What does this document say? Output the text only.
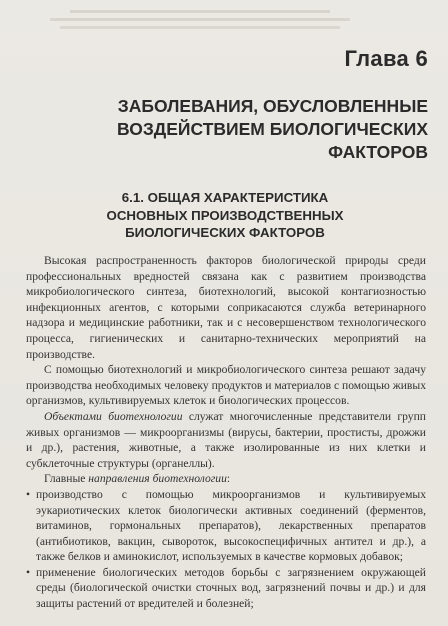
Глава 6
ЗАБОЛЕВАНИЯ, ОБУСЛОВЛЕННЫЕ
ВОЗДЕЙСТВИЕМ БИОЛОГИЧЕСКИХ
ФАКТОРОВ
6.1. ОБЩАЯ ХАРАКТЕРИСТИКА
ОСНОВНЫХ ПРОИЗВОДСТВЕННЫХ
БИОЛОГИЧЕСКИХ ФАКТОРОВ

Высокая распространенность факторов биологической природы среди профессиональных вредностей связана как с развитием производства микробиологического синтеза, биотехнологий, высокой контагиозностью инфекционных агентов, с которыми соприкасаются служба ветеринарного надзора и медицинские работники, так и с несовершенством технологического процесса, гигиенических и санитарно-технических мероприятий на производстве.

С помощью биотехнологий и микробиологического синтеза решают задачу производства необходимых человеку продуктов и материалов с помощью живых организмов, культивируемых клеток и биологических процессов.

Объектами биотехнологии служат многочисленные представители групп живых организмов — микроорганизмы (вирусы, бактерии, простисты, дрожжи и др.), растения, животные, а также изолированные из них клетки и субклеточные структуры (органеллы).

Главные направления биотехнологии:

• производство с помощью микроорганизмов и культивируемых эукариотических клеток биологически активных соединений (ферментов, витаминов, гормональных препаратов), лекарственных препаратов (антибиотиков, вакцин, сывороток, высокоспецифичных антител и др.), а также белков и аминокислот, используемых в качестве кормовых добавок;
• применение биологических методов борьбы с загрязнением окружающей среды (биологической очистки сточных вод, загрязнений почвы и др.) и для защиты растений от вредителей и болезней;
